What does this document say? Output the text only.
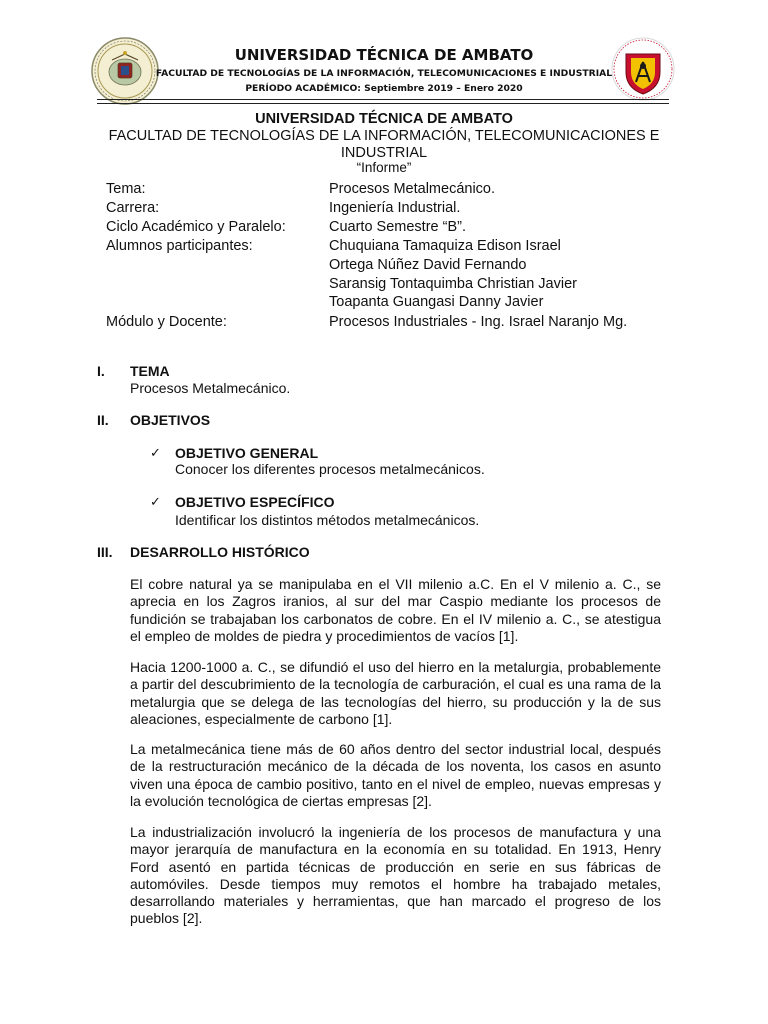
UNIVERSIDAD TÉCNICA DE AMBATO
FACULTAD DE TECNOLOGÍAS DE LA INFORMACIÓN, TELECOMUNICACIONES E INDUSTRIAL
PERÍODO ACADÉMICO: Septiembre 2019 – Enero 2020
UNIVERSIDAD TÉCNICA DE AMBATO
FACULTAD DE TECNOLOGÍAS DE LA INFORMACIÓN, TELECOMUNICACIONES E
INDUSTRIAL
“Informe”
Tema:	Procesos Metalmecánico.
Carrera:	Ingeniería Industrial.
Ciclo Académico y Paralelo:	Cuarto Semestre “B”.
Alumnos participantes:	Chuquiana Tamaquiza Edison Israel
Ortega Núñez David Fernando
Saransig Tontaquimba Christian Javier
Toapanta Guangasi Danny Javier
Módulo y Docente:	Procesos Industriales - Ing. Israel Naranjo Mg.
I.	TEMA
Procesos Metalmecánico.
II.	OBJETIVOS
✓ OBJETIVO GENERAL
Conocer los diferentes procesos metalmecánicos.
✓ OBJETIVO ESPECÍFICO
Identificar los distintos métodos metalmecánicos.
III.	DESARROLLO HISTÓRICO
El cobre natural ya se manipulaba en el VII milenio a.C. En el V milenio a. C., se aprecia en los Zagros iranios, al sur del mar Caspio mediante los procesos de fundición se trabajaban los carbonatos de cobre. En el IV milenio a. C., se atestigua el empleo de moldes de piedra y procedimientos de vacíos [1].
Hacia 1200-1000 a. C., se difundió el uso del hierro en la metalurgia, probablemente a partir del descubrimiento de la tecnología de carburación, el cual es una rama de la metalurgia que se delega de las tecnologías del hierro, su producción y la de sus aleaciones, especialmente de carbono [1].
La metalmecánica tiene más de 60 años dentro del sector industrial local, después de la restructuración mecánico de la década de los noventa, los casos en asunto viven una época de cambio positivo, tanto en el nivel de empleo, nuevas empresas y la evolución tecnológica de ciertas empresas [2].
La industrialización involucró la ingeniería de los procesos de manufactura y una mayor jerarquía de manufactura en la economía en su totalidad. En 1913, Henry Ford asentó en partida técnicas de producción en serie en sus fábricas de automóviles. Desde tiempos muy remotos el hombre ha trabajado metales, desarrollando materiales y herramientas, que han marcado el progreso de los pueblos [2].
